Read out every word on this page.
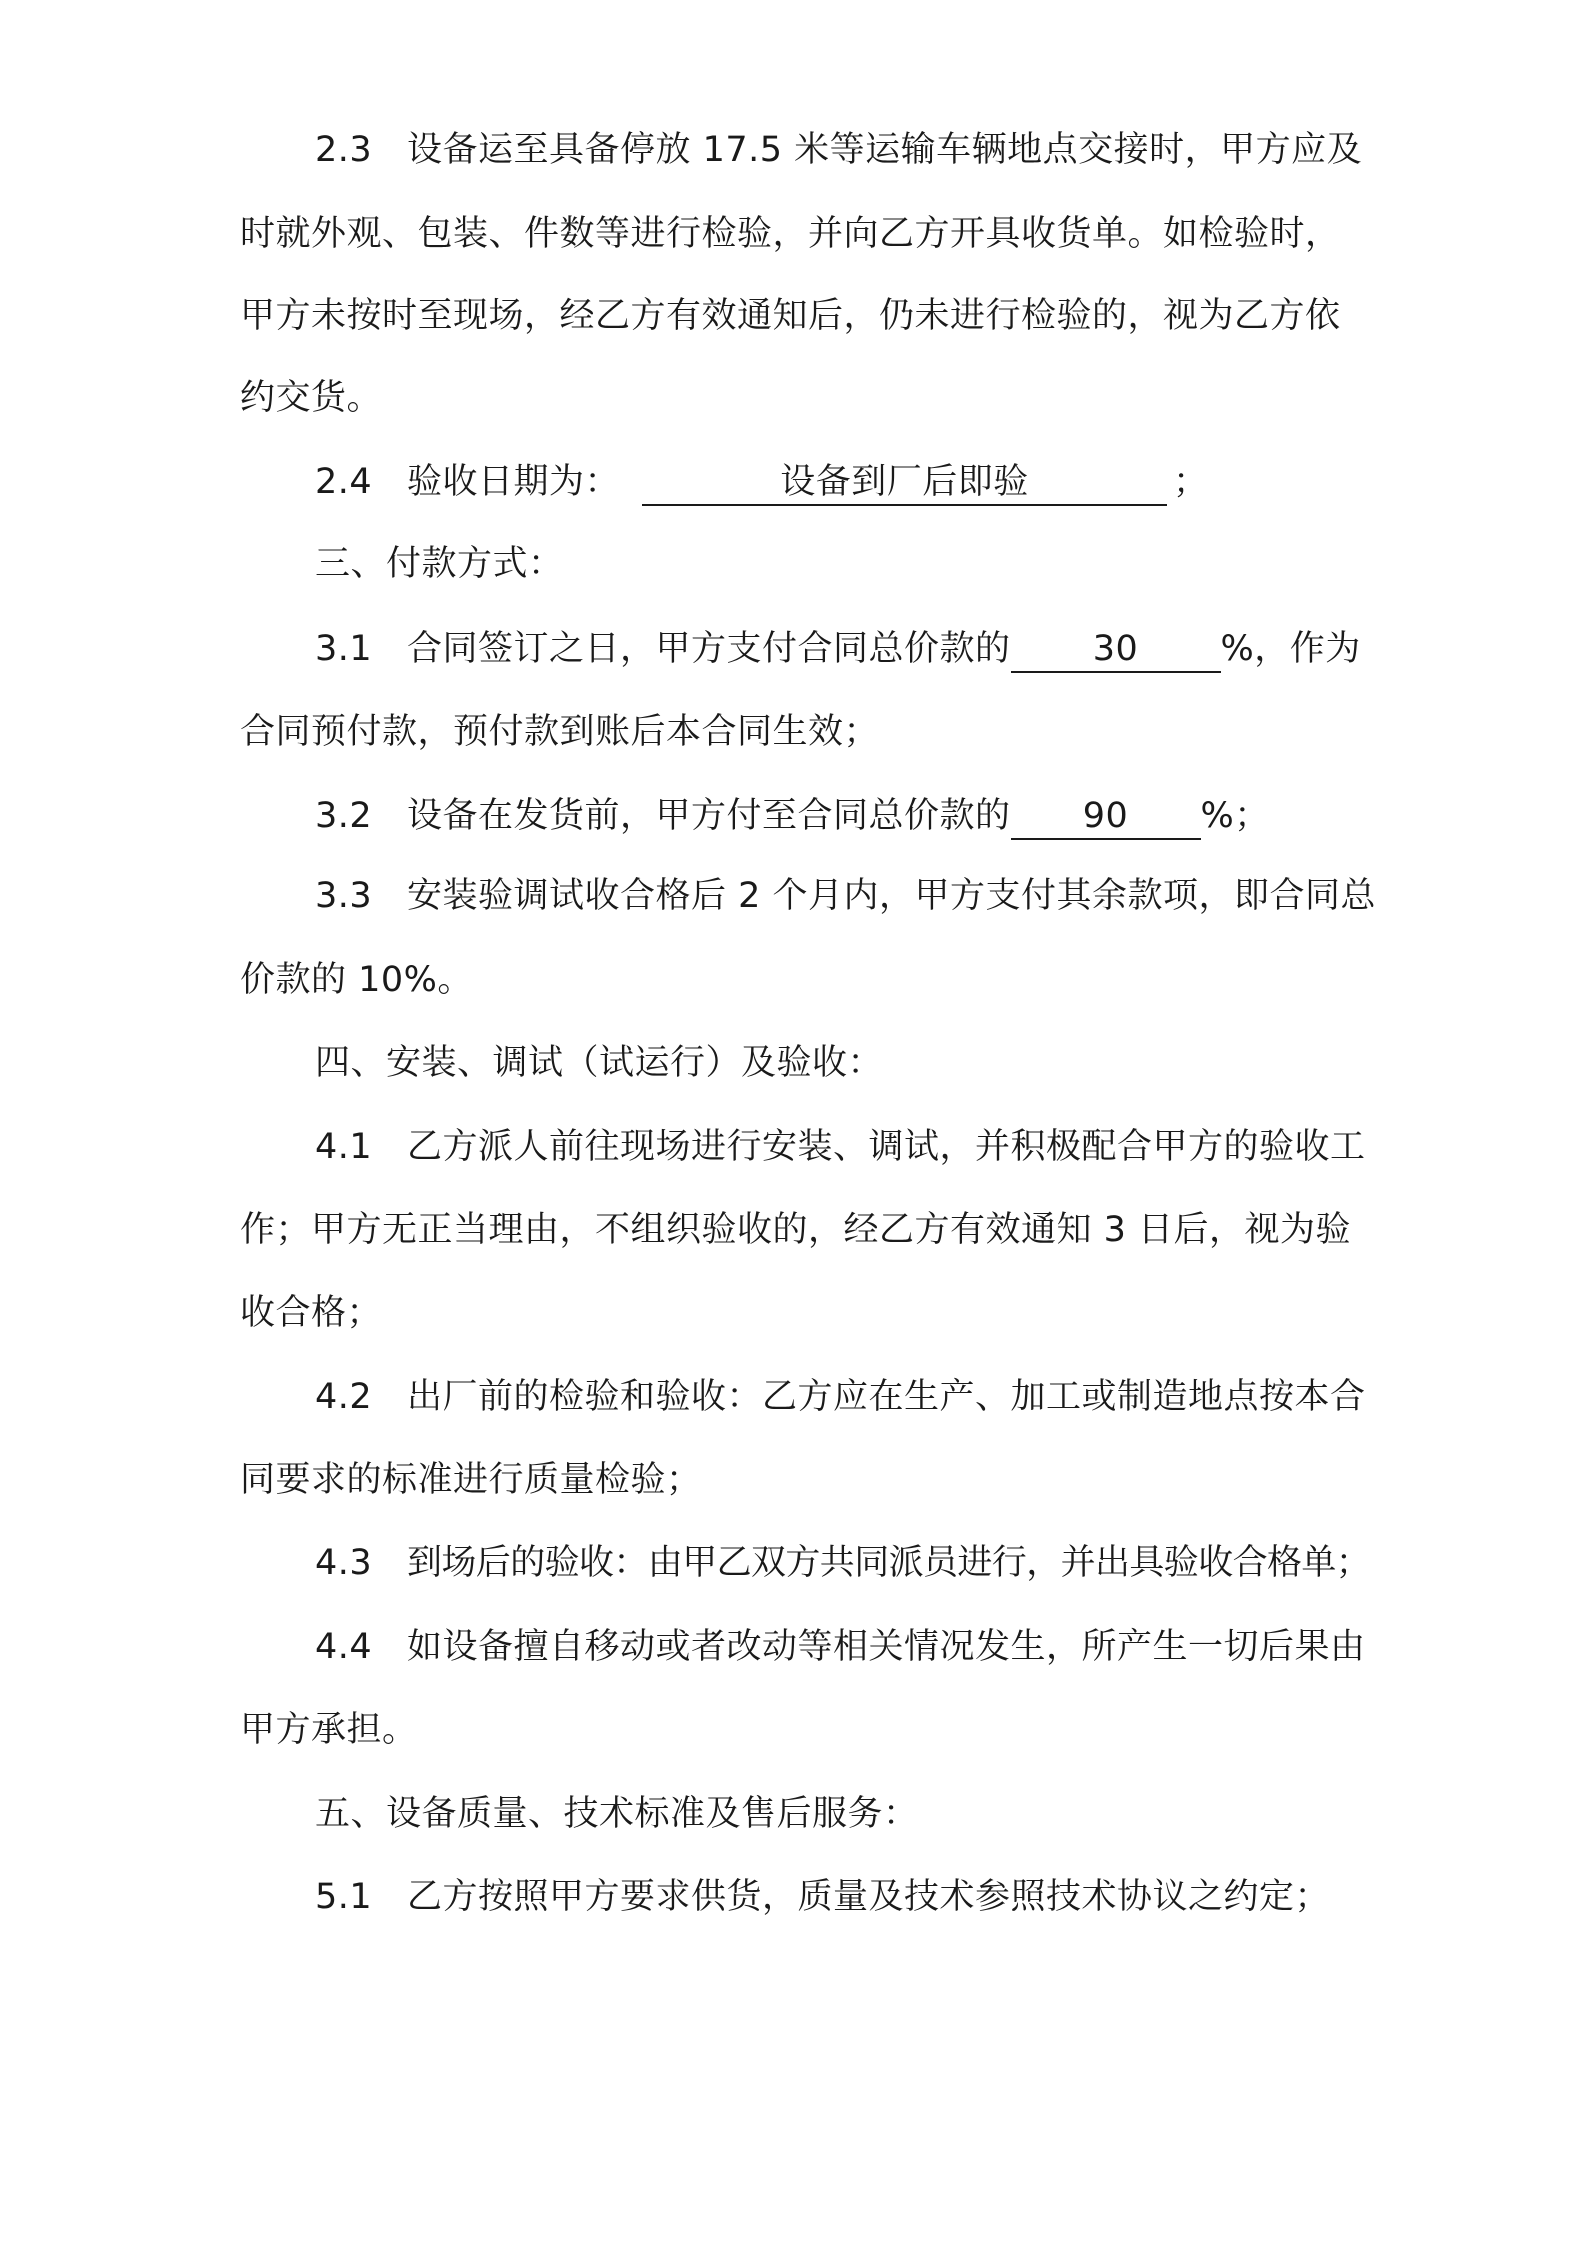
2.3 设备运至具备停放 17.5 米等运输车辆地点交接时，甲方应及
时就外观、包装、件数等进行检验，并向乙方开具收货单。如检验时，
甲方未按时至现场，经乙方有效通知后，仍未进行检验的，视为乙方依
约交货。
2.4 验收日期为：	设备到厂后即验	；
三、付款方式：
3.1 合同签订之日，甲方支付合同总价款的 30 %，作为
合同预付款，预付款到账后本合同生效；
3.2 设备在发货前，甲方付至合同总价款的 90 %；
3.3 安装验调试收合格后 2 个月内，甲方支付其余款项，即合同总
价款的 10%。
四、安装、调试（试运行）及验收：
4.1 乙方派人前往现场进行安装、调试，并积极配合甲方的验收工
作；甲方无正当理由，不组织验收的，经乙方有效通知 3 日后，视为验
收合格；
4.2 出厂前的检验和验收：乙方应在生产、加工或制造地点按本合
同要求的标准进行质量检验；
4.3 到场后的验收：由甲乙双方共同派员进行，并出具验收合格单；
4.4 如设备擅自移动或者改动等相关情况发生，所产生一切后果由
甲方承担。
五、设备质量、技术标准及售后服务：
5.1 乙方按照甲方要求供货，质量及技术参照技术协议之约定；
